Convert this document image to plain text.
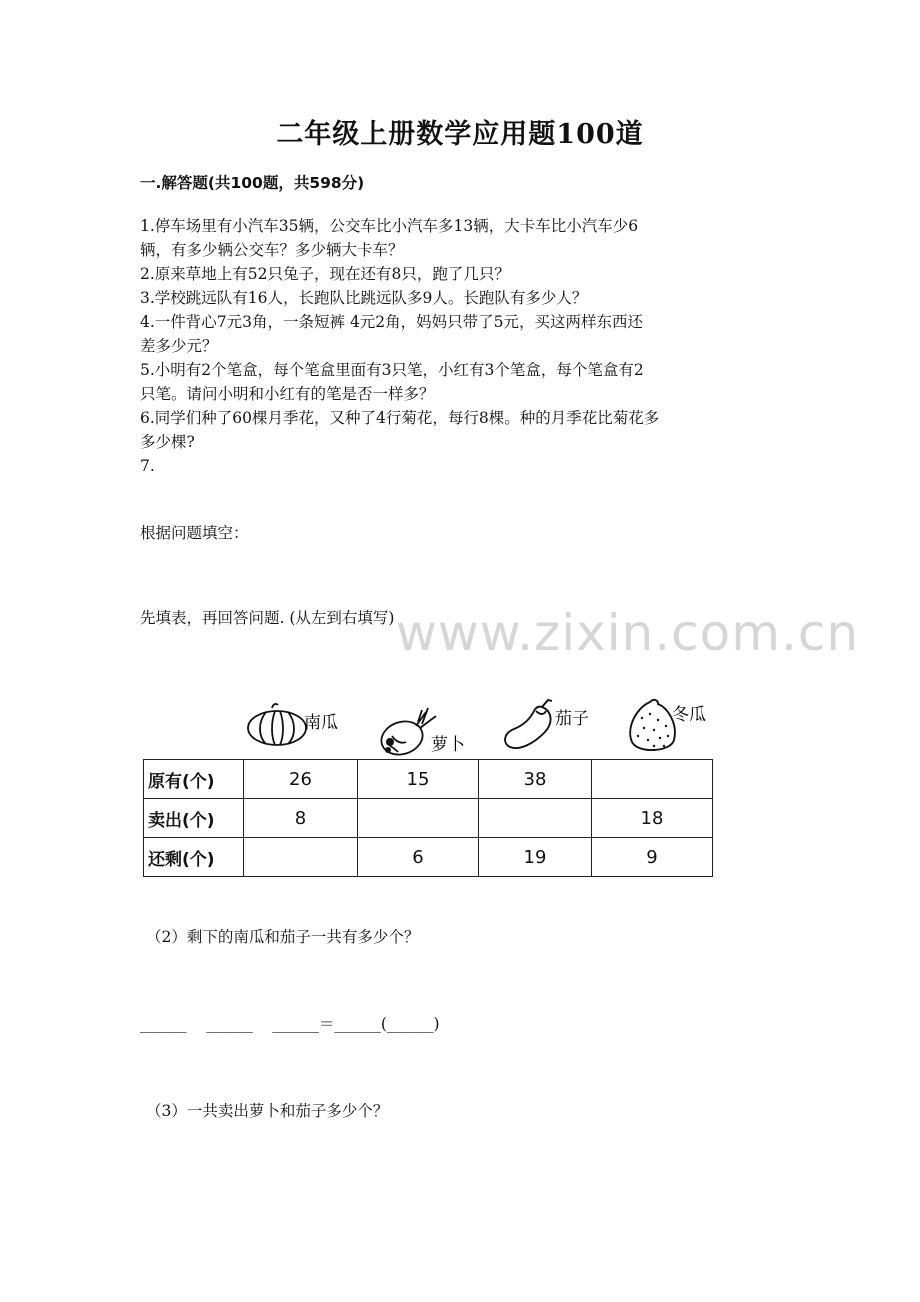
二年级上册数学应用题100道
一.解答题(共100题，共598分)
1.停车场里有小汽车35辆，公交车比小汽车多13辆，大卡车比小汽车少6
辆，有多少辆公交车？多少辆大卡车？
2.原来草地上有52只兔子，现在还有8只，跑了几只？
3.学校跳远队有16人，长跑队比跳远队多9人。长跑队有多少人？
4.一件背心7元3角，一条短裤 4元2角，妈妈只带了5元，买这两样东西还
差多少元？
5.小明有2个笔盒，每个笔盒里面有3只笔，小红有3个笔盒，每个笔盒有2
只笔。请问小明和小红有的笔是否一样多？
6.同学们种了60棵月季花，又种了4行菊花，每行8棵。种的月季花比菊花多
多少棵?
7.
根据问题填空：
先填表，再回答问题. (从左到右填写) www.zixin.com.cn
南瓜
萝卜
茄子	冬瓜
原有(个)	26	15	38	
卖出(个)	8			18
还剩(个)		6	19	9
（2）剩下的南瓜和茄子一共有多少个？
______    ______    ______＝______(______)
（3）一共卖出萝卜和茄子多少个？
